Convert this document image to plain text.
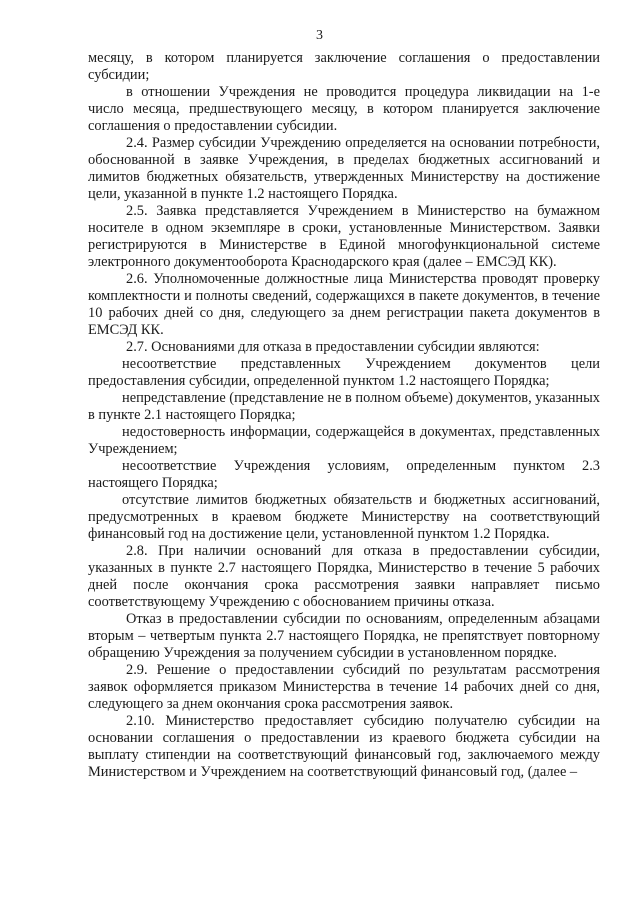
3

месяцу, в котором планируется заключение соглашения о предоставлении субсидии;

в отношении Учреждения не проводится процедура ликвидации на 1-е число месяца, предшествующего месяцу, в котором планируется заключение соглашения о предоставлении субсидии.

2.4. Размер субсидии Учреждению определяется на основании потребности, обоснованной в заявке Учреждения, в пределах бюджетных ассигнований и лимитов бюджетных обязательств, утвержденных Министерству на достижение цели, указанной в пункте 1.2 настоящего Порядка.

2.5. Заявка представляется Учреждением в Министерство на бумажном носителе в одном экземпляре в сроки, установленные Министерством. Заявки регистрируются в Министерстве в Единой многофункциональной системе электронного документооборота Краснодарского края (далее – ЕМСЭД КК).

2.6. Уполномоченные должностные лица Министерства проводят проверку комплектности и полноты сведений, содержащихся в пакете документов, в течение 10 рабочих дней со дня, следующего за днем регистрации пакета документов в ЕМСЭД КК.

2.7. Основаниями для отказа в предоставлении субсидии являются:

несоответствие представленных Учреждением документов цели предоставления субсидии, определенной пунктом 1.2 настоящего Порядка;

непредставление (представление не в полном объеме) документов, указанных в пункте 2.1 настоящего Порядка;

недостоверность информации, содержащейся в документах, представленных Учреждением;

несоответствие Учреждения условиям, определенным пунктом 2.3 настоящего Порядка;

отсутствие лимитов бюджетных обязательств и бюджетных ассигнований, предусмотренных в краевом бюджете Министерству на соответствующий финансовый год на достижение цели, установленной пунктом 1.2 Порядка.

2.8. При наличии оснований для отказа в предоставлении субсидии, указанных в пункте 2.7 настоящего Порядка, Министерство в течение 5 рабочих дней после окончания срока рассмотрения заявки направляет письмо соответствующему Учреждению с обоснованием причины отказа.

Отказ в предоставлении субсидии по основаниям, определенным абзацами вторым – четвертым пункта 2.7 настоящего Порядка, не препятствует повторному обращению Учреждения за получением субсидии в установленном порядке.

2.9. Решение о предоставлении субсидий по результатам рассмотрения заявок оформляется приказом Министерства в течение 14 рабочих дней со дня, следующего за днем окончания срока рассмотрения заявок.

2.10. Министерство предоставляет субсидию получателю субсидии на основании соглашения о предоставлении из краевого бюджета субсидии на выплату стипендии на соответствующий финансовый год, заключаемого между Министерством и Учреждением на соответствующий финансовый год, (далее –
